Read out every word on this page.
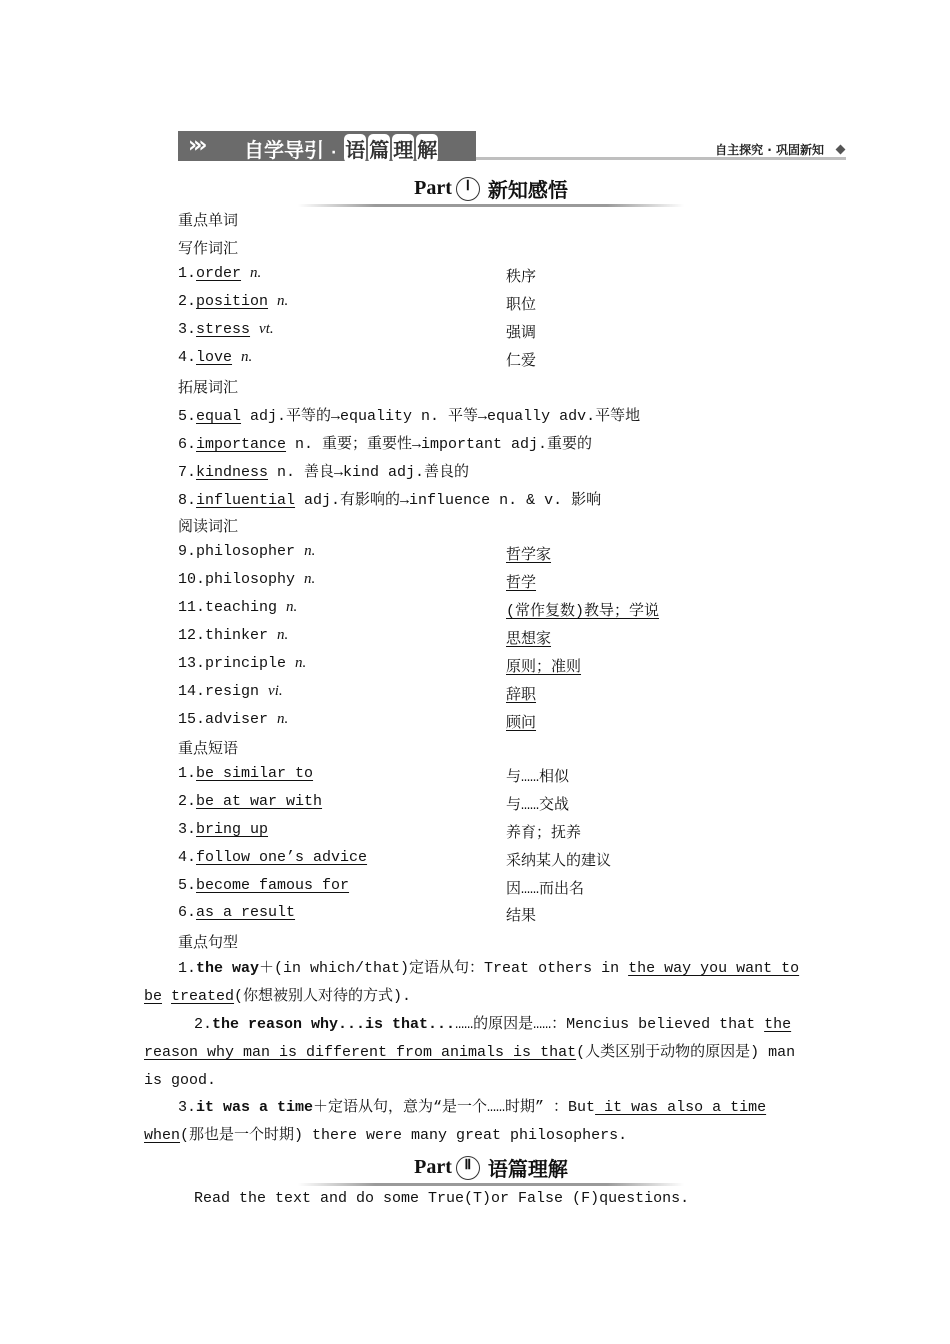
»» 自学导引 · 语 篇 理 解	自主探究 · 巩固新知
Part Ⅰ 新知感悟
重点单词
写作词汇
1.order n.	秩序
2.position n.	职位
3.stress vt.	强调
4.love n.	仁爱
拓展词汇
5.equal adj.平等的→equality n. 平等→equally adv.平等地
6.importance n. 重要；重要性→important adj.重要的
7.kindness n. 善良→kind adj.善良的
8.influential adj.有影响的→influence n. & v. 影响
阅读词汇
9.philosopher n.	哲学家
10.philosophy n.	哲学
11.teaching n.	(常作复数)教导；学说
12.thinker n.	思想家
13.principle n.	原则；准则
14.resign vi.	辞职
15.adviser n.	顾问
重点短语
1.be similar to	与……相似
2.be at war with	与……交战
3.bring up	养育；抚养
4.follow one’s advice	采纳某人的建议
5.become famous for	因……而出名
6.as a result	结果
重点句型
1.the way＋(in which/that)定语从句：Treat others in the way you want to be treated(你想被别人对待的方式).
2.the reason why...is that...……的原因是……：Mencius believed that the reason why man is different from animals is that(人类区别于动物的原因是) man is good.
3.it was a time＋定语从句，意为“是一个……时期” ：But it was also a time when(那也是一个时期) there were many great philosophers.
Part Ⅱ 语篇理解
Read the text and do some True(T)or False (F)questions.
